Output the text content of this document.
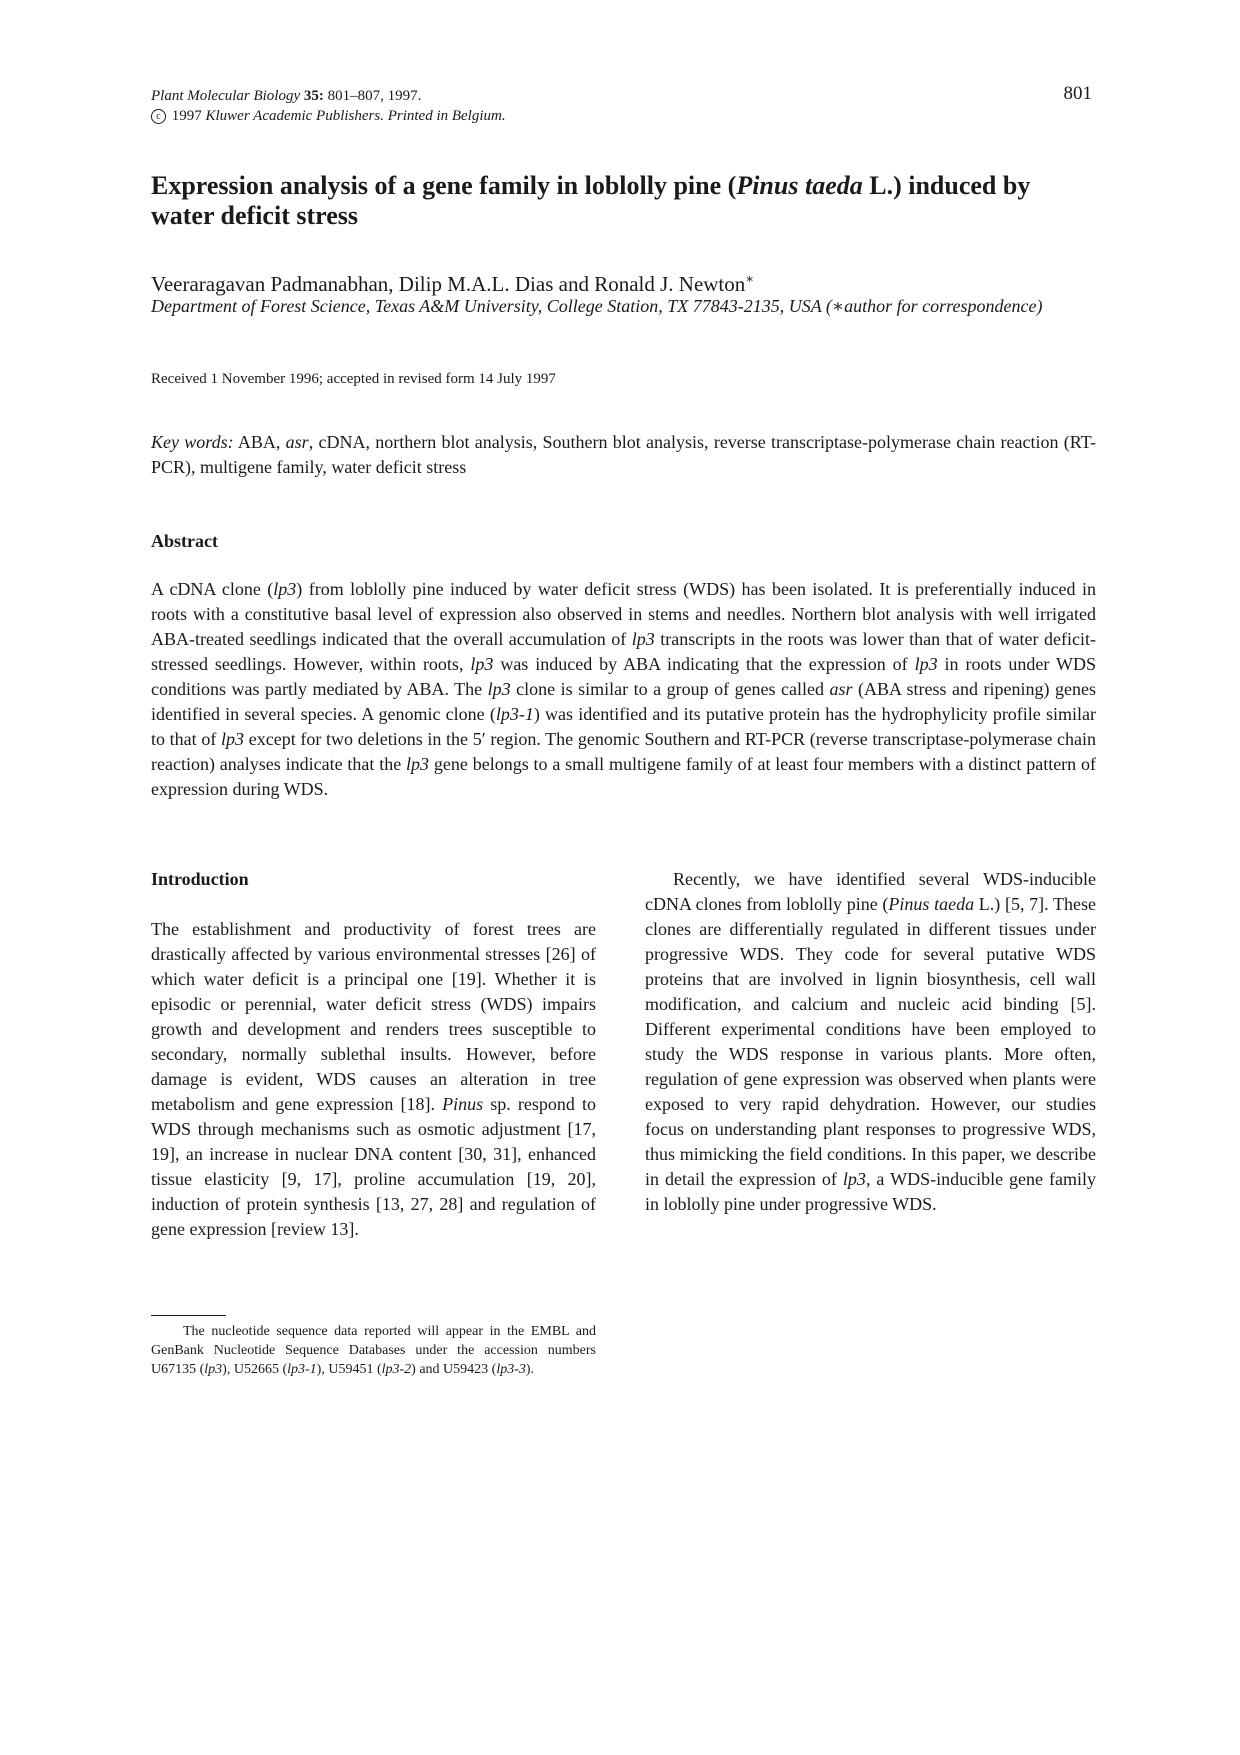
Plant Molecular Biology 35: 801–807, 1997.
c 1997 Kluwer Academic Publishers. Printed in Belgium.
801
Expression analysis of a gene family in loblolly pine (Pinus taeda L.) induced by water deficit stress
Veeraragavan Padmanabhan, Dilip M.A.L. Dias and Ronald J. Newton∗
Department of Forest Science, Texas A&M University, College Station, TX 77843-2135, USA (∗author for correspondence)
Received 1 November 1996; accepted in revised form 14 July 1997
Key words: ABA, asr, cDNA, northern blot analysis, Southern blot analysis, reverse transcriptase-polymerase chain reaction (RT-PCR), multigene family, water deficit stress
Abstract

A cDNA clone (lp3) from loblolly pine induced by water deficit stress (WDS) has been isolated. It is preferentially induced in roots with a constitutive basal level of expression also observed in stems and needles. Northern blot analysis with well irrigated ABA-treated seedlings indicated that the overall accumulation of lp3 transcripts in the roots was lower than that of water deficit-stressed seedlings. However, within roots, lp3 was induced by ABA indicating that the expression of lp3 in roots under WDS conditions was partly mediated by ABA. The lp3 clone is similar to a group of genes called asr (ABA stress and ripening) genes identified in several species. A genomic clone (lp3-1) was identified and its putative protein has the hydrophylicity profile similar to that of lp3 except for two deletions in the 5′ region. The genomic Southern and RT-PCR (reverse transcriptase-polymerase chain reaction) analyses indicate that the lp3 gene belongs to a small multigene family of at least four members with a distinct pattern of expression during WDS.

Introduction

The establishment and productivity of forest trees are drastically affected by various environmental stresses [26] of which water deficit is a principal one [19]. Whether it is episodic or perennial, water deficit stress (WDS) impairs growth and development and renders trees susceptible to secondary, normally sublethal insults. However, before damage is evident, WDS causes an alteration in tree metabolism and gene expression [18]. Pinus sp. respond to WDS through mechanisms such as osmotic adjustment [17, 19], an increase in nuclear DNA content [30, 31], enhanced tissue elasticity [9, 17], proline accumulation [19, 20], induction of protein synthesis [13, 27, 28] and regulation of gene expression [review 13].

Recently, we have identified several WDS-inducible cDNA clones from loblolly pine (Pinus taeda L.) [5, 7]. These clones are differentially regulated in different tissues under progressive WDS. They code for several putative WDS proteins that are involved in lignin biosynthesis, cell wall modification, and calcium and nucleic acid binding [5]. Different experimental conditions have been employed to study the WDS response in various plants. More often, regulation of gene expression was observed when plants were exposed to very rapid dehydration. However, our studies focus on understanding plant responses to progressive WDS, thus mimicking the field conditions. In this paper, we describe in detail the expression of lp3, a WDS-inducible gene family in loblolly pine under progressive WDS.

The nucleotide sequence data reported will appear in the EMBL and GenBank Nucleotide Sequence Databases under the accession numbers U67135 (lp3), U52665 (lp3-1), U59451 (lp3-2) and U59423 (lp3-3).
